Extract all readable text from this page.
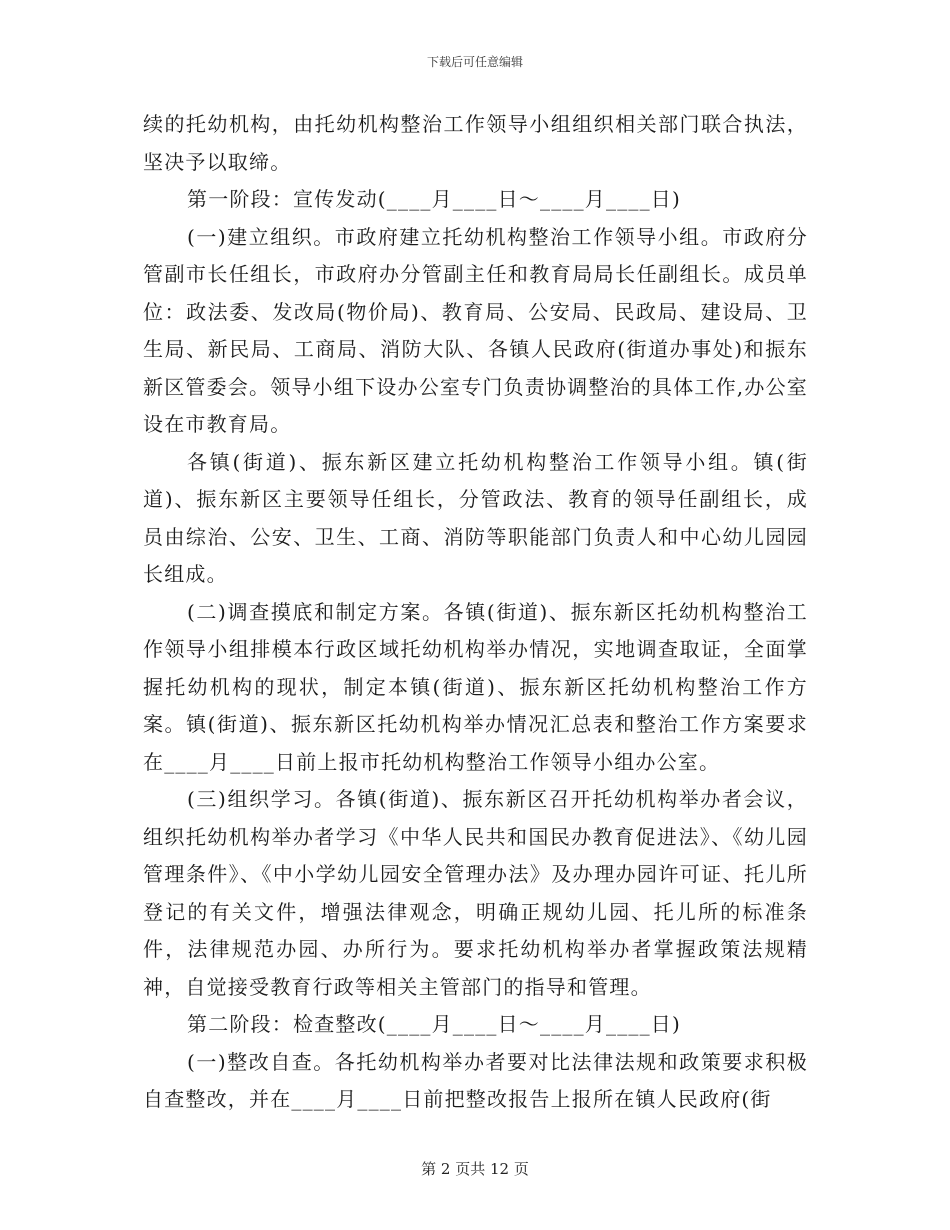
下载后可任意编辑

续的托幼机构，由托幼机构整治工作领导小组组织相关部门联合执法，坚决予以取缔。

第一阶段：宣传发动(____月____日～____月____日)

(一)建立组织。市政府建立托幼机构整治工作领导小组。市政府分管副市长任组长，市政府办分管副主任和教育局局长任副组长。成员单位：政法委、发改局(物价局)、教育局、公安局、民政局、建设局、卫生局、新民局、工商局、消防大队、各镇人民政府(街道办事处)和振东新区管委会。领导小组下设办公室专门负责协调整治的具体工作,办公室设在市教育局。

各镇(街道)、振东新区建立托幼机构整治工作领导小组。镇(街道)、振东新区主要领导任组长，分管政法、教育的领导任副组长，成员由综治、公安、卫生、工商、消防等职能部门负责人和中心幼儿园园长组成。

(二)调查摸底和制定方案。各镇(街道)、振东新区托幼机构整治工作领导小组排模本行政区域托幼机构举办情况，实地调查取证，全面掌握托幼机构的现状，制定本镇(街道)、振东新区托幼机构整治工作方案。镇(街道)、振东新区托幼机构举办情况汇总表和整治工作方案要求在____月____日前上报市托幼机构整治工作领导小组办公室。

(三)组织学习。各镇(街道)、振东新区召开托幼机构举办者会议，组织托幼机构举办者学习《中华人民共和国民办教育促进法》、《幼儿园管理条件》、《中小学幼儿园安全管理办法》及办理办园许可证、托儿所登记的有关文件，增强法律观念，明确正规幼儿园、托儿所的标准条件，法律规范办园、办所行为。要求托幼机构举办者掌握政策法规精神，自觉接受教育行政等相关主管部门的指导和管理。

第二阶段：检查整改(____月____日～____月____日)

(一)整改自查。各托幼机构举办者要对比法律法规和政策要求积极自查整改，并在____月____日前把整改报告上报所在镇人民政府(街

第 2 页共 12 页
